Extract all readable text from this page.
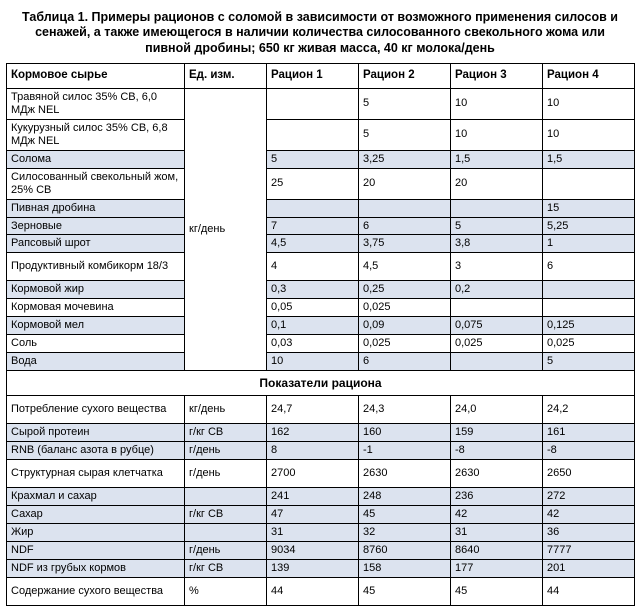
Таблица 1. Примеры рационов с соломой в зависимости от возможного применения силосов и сенажей, а также имеющегося в наличии количества силосованного свекольного жома или пивной дробины; 650 кг живая масса, 40 кг молока/день
Кормовое сырье	Ед. изм.	Рацион 1	Рацион 2	Рацион 3	Рацион 4
Травяной силос 35% СВ, 6,0 МДж NEL	кг/день		5	10	10
Кукурузный силос 35% СВ, 6,8 МДж NEL			5	10	10
Солома		5	3,25	1,5	1,5
Силосованный свекольный жом, 25% СВ		25	20	20	
Пивная дробина					15
Зерновые		7	6	5	5,25
Рапсовый шрот		4,5	3,75	3,8	1
Продуктивный комбикорм 18/3		4	4,5	3	6
Кормовой жир		0,3	0,25	0,2	
Кормовая мочевина		0,05	0,025		
Кормовой мел		0,1	0,09	0,075	0,125
Соль		0,03	0,025	0,025	0,025
Вода		10	6		5
Показатели рациона					
Потребление сухого вещества	кг/день	24,7	24,3	24,0	24,2
Сырой протеин	г/кг СВ	162	160	159	161
RNB (баланс азота в рубце)	г/день	8	-1	-8	-8
Структурная сырая клетчатка	г/день	2700	2630	2630	2650
Крахмал и сахар		241	248	236	272
Сахар	г/кг СВ	47	45	42	42
Жир		31	32	31	36
NDF	г/день	9034	8760	8640	7777
NDF из грубых кормов	г/кг СВ	139	158	177	201
Содержание сухого вещества	%	44	45	45	44
